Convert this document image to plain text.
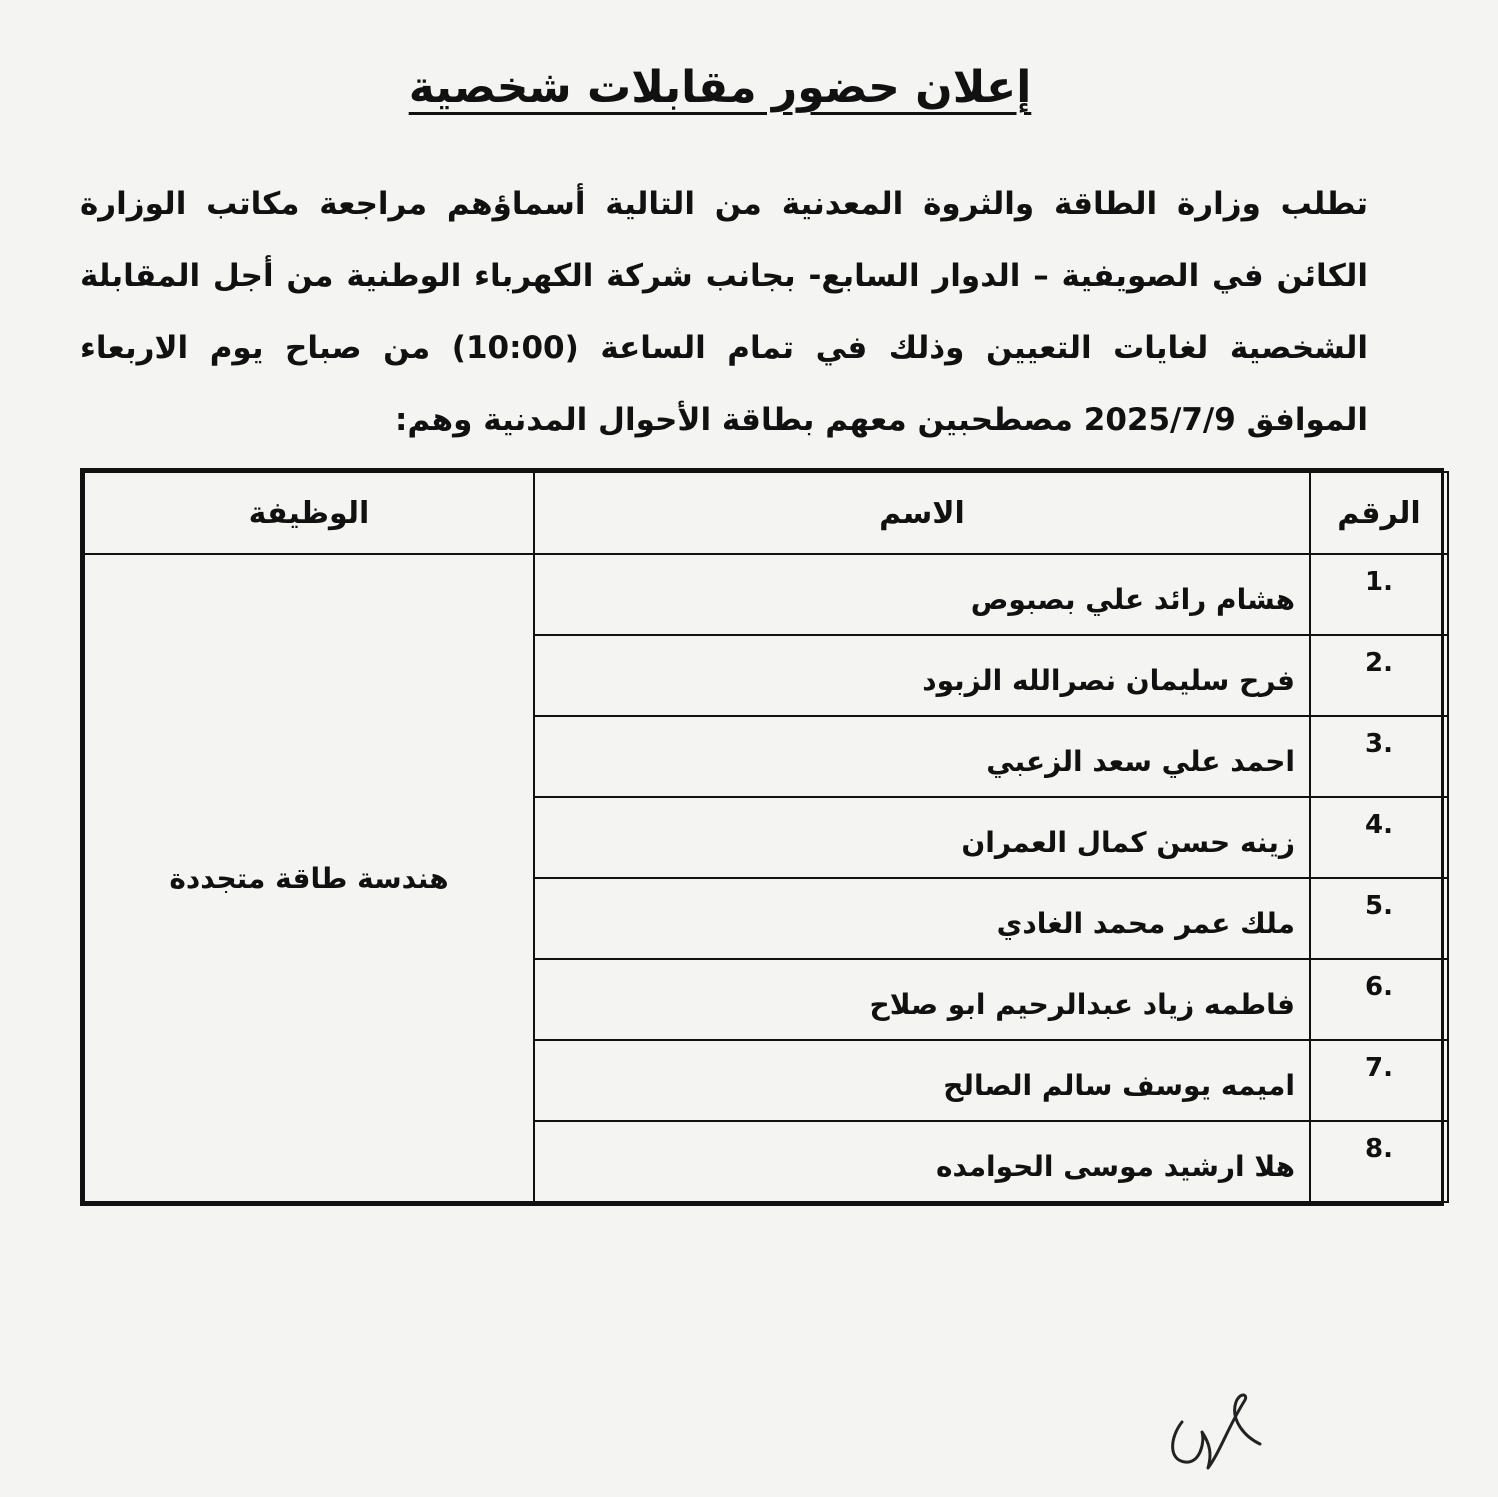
إعلان حضور مقابلات شخصية
تطلب وزارة الطاقة والثروة المعدنية من التالية أسماؤهم مراجعة مكاتب الوزارة الكائن في الصويفية – الدوار السابع- بجانب شركة الكهرباء الوطنية من أجل المقابلة الشخصية لغايات التعيين وذلك في تمام الساعة (10:00) من صباح يوم الاربعاء الموافق 2025/7/9 مصطحبين معهم بطاقة الأحوال المدنية وهم:
الرقم	الاسم	الوظيفة
1.	هشام رائد علي بصبوص	هندسة طاقة متجددة
2.	فرح سليمان نصرالله الزبود	
3.	احمد علي سعد الزعبي	
4.	زينه حسن كمال العمران	
5.	ملك عمر محمد الغادي	
6.	فاطمه زياد عبدالرحيم ابو صلاح	
7.	اميمه يوسف سالم الصالح	
8.	هلا ارشيد موسى الحوامده	
